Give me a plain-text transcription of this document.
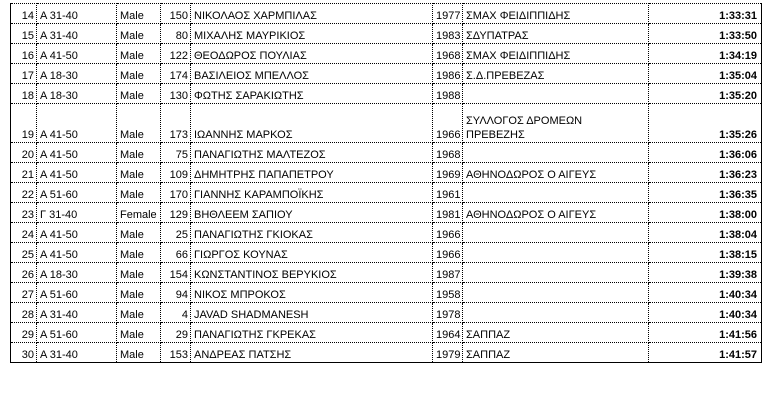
14	A 31-40	Male	150	ΝΙΚΟΛΑΟΣ ΧΑΡΜΠΙΛΑΣ	1977	ΣΜΑΧ ΦΕΙΔΙΠΠΙΔΗΣ	1:33:31
15	A 31-40	Male	80	ΜΙΧΑΛΗΣ ΜΑΥΡΙΚΙΟΣ	1983	ΣΔΥΠΑΤΡΑΣ	1:33:50
16	A 41-50	Male	122	ΘΕΟΔΩΡΟΣ ΠΟΥΛΙΑΣ	1968	ΣΜΑΧ ΦΕΙΔΙΠΠΙΔΗΣ	1:34:19
17	A 18-30	Male	174	ΒΑΣΙΛΕΙΟΣ ΜΠΕΛΛΟΣ	1986	Σ.Δ.ΠΡΕΒΕΖΑΣ	1:35:04
18	A 18-30	Male	130	ΦΩΤΗΣ ΣΑΡΑΚΙΩΤΗΣ	1988		1:35:20
19	A 41-50	Male	173	ΙΩΑΝΝΗΣ ΜΑΡΚΟΣ	1966	ΣΥΛΛΟΓΟΣ ΔΡΟΜΕΩΝ
ΠΡΕΒΕΖΗΣ	1:35:26
20	A 41-50	Male	75	ΠΑΝΑΓΙΩΤΗΣ ΜΑΛΤΕΖΟΣ	1968		1:36:06
21	A 41-50	Male	109	ΔΗΜΗΤΡΗΣ ΠΑΠΑΠΕΤΡΟΥ	1969	ΑΘΗΝΟΔΩΡΟΣ Ο ΑΙΓΕΥΣ	1:36:23
22	A 51-60	Male	170	ΓΙΑΝΝΗΣ ΚΑΡΑΜΠΟΪΚΗΣ	1961		1:36:35
23	Γ 31-40	Female	129	ΒΗΘΛΕΕΜ ΣΑΠΙΟΥ	1981	ΑΘΗΝΟΔΩΡΟΣ Ο ΑΙΓΕΥΣ	1:38:00
24	A 41-50	Male	25	ΠΑΝΑΓΙΩΤΗΣ ΓΚΙΟΚΑΣ	1966		1:38:04
25	A 41-50	Male	66	ΓΙΩΡΓΟΣ ΚΟΥΝΑΣ	1966		1:38:15
26	A 18-30	Male	154	ΚΩΝΣΤΑΝΤΙΝΟΣ ΒΕΡΥΚΙΟΣ	1987		1:39:38
27	A 51-60	Male	94	ΝΙΚΟΣ ΜΠΡΟΚΟΣ	1958		1:40:34
28	A 31-40	Male	4	JAVAD SHADMANESH	1978		1:40:34
29	A 51-60	Male	29	ΠΑΝΑΓΙΩΤΗΣ ΓΚΡΕΚΑΣ	1964	ΣΑΠΠΑΖ	1:41:56
30	A 31-40	Male	153	ΑΝΔΡΕΑΣ ΠΑΤΣΗΣ	1979	ΣΑΠΠΑΖ	1:41:57
